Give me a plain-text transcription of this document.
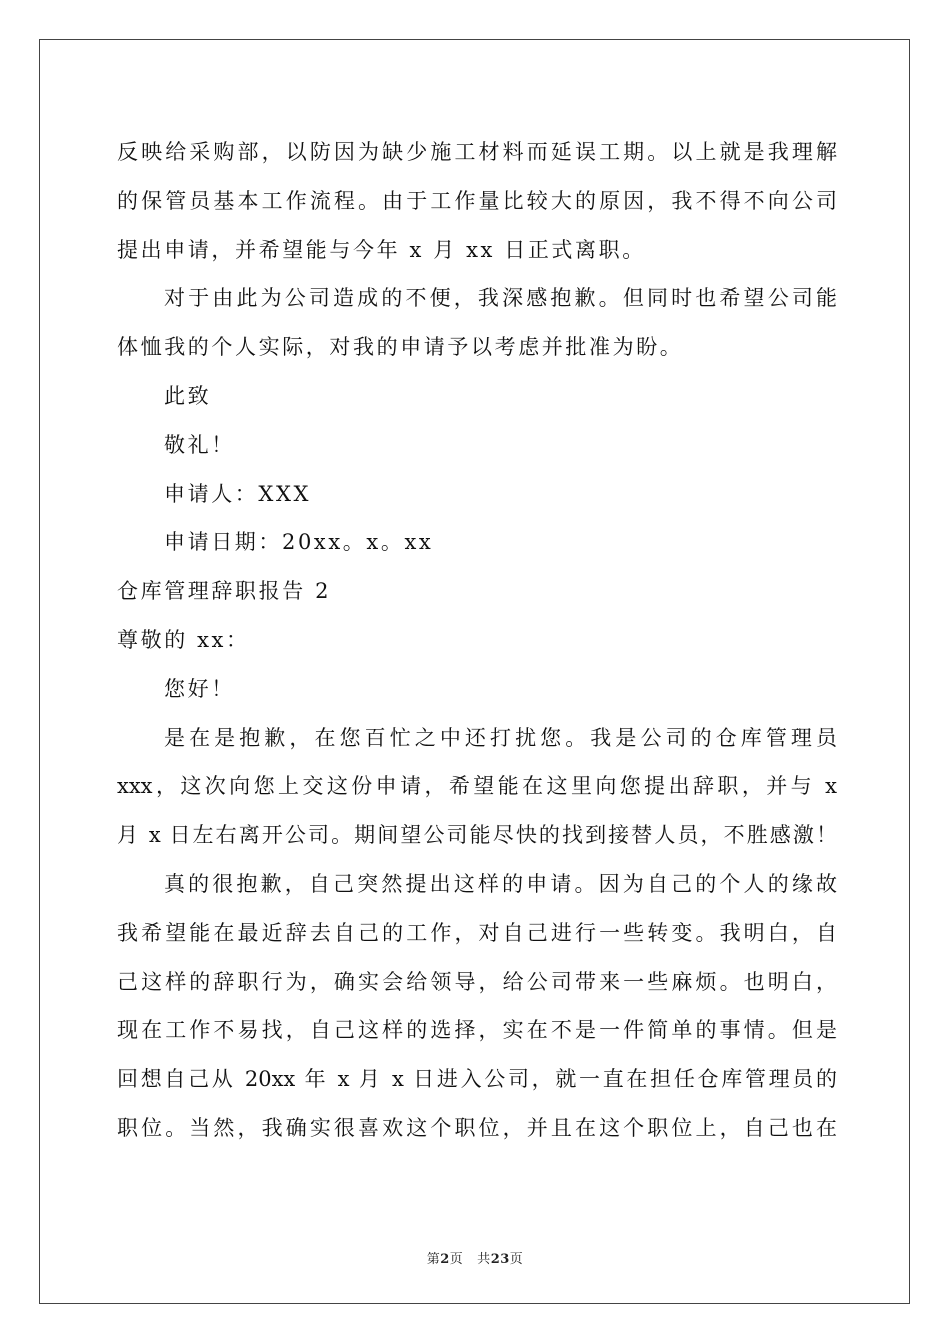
反映给采购部，以防因为缺少施工材料而延误工期。以上就是我理解
的保管员基本工作流程。由于工作量比较大的原因，我不得不向公司
提出申请，并希望能与今年 x 月 xx 日正式离职。
对于由此为公司造成的不便，我深感抱歉。但同时也希望公司能
体恤我的个人实际，对我的申请予以考虑并批准为盼。
此致
敬礼！
申请人：XXX
申请日期：20xx。x。xx
仓库管理辞职报告 2
尊敬的 xx：
您好！
是在是抱歉，在您百忙之中还打扰您。我是公司的仓库管理员
xxx，这次向您上交这份申请，希望能在这里向您提出辞职，并与 x
月 x 日左右离开公司。期间望公司能尽快的找到接替人员，不胜感激！
真的很抱歉，自己突然提出这样的申请。因为自己的个人的缘故
我希望能在最近辞去自己的工作，对自己进行一些转变。我明白，自
己这样的辞职行为，确实会给领导，给公司带来一些麻烦。也明白，
现在工作不易找，自己这样的选择，实在不是一件简单的事情。但是
回想自己从 20xx 年 x 月 x 日进入公司，就一直在担任仓库管理员的
职位。当然，我确实很喜欢这个职位，并且在这个职位上，自己也在
第2页 共23页
